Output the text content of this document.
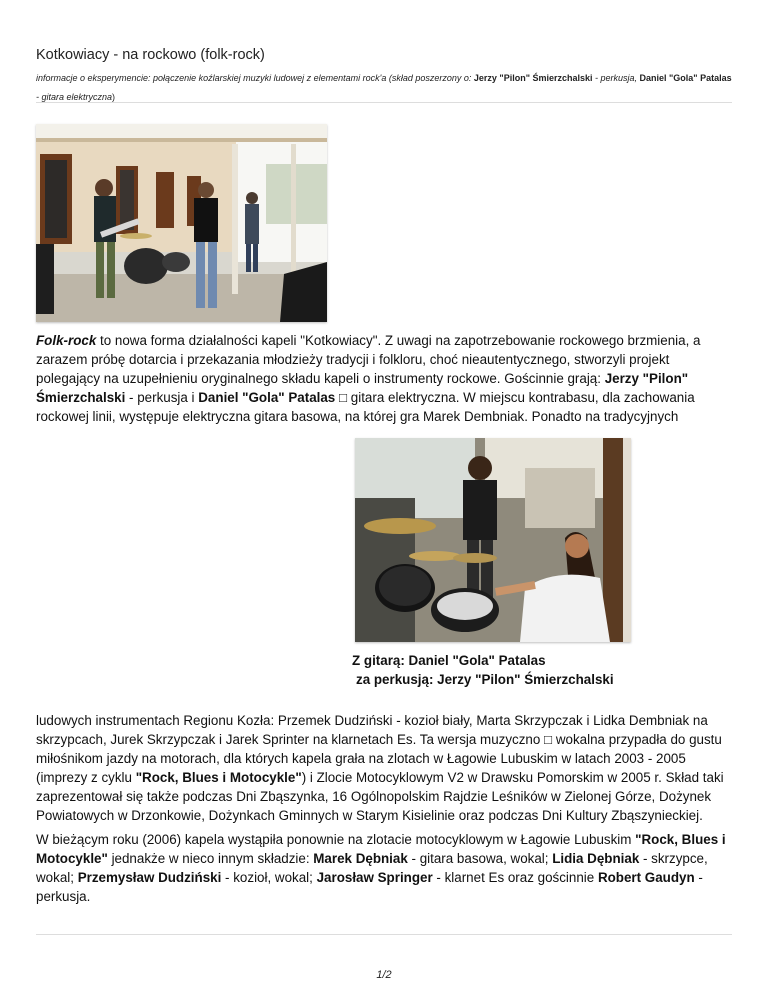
Kotkowiacy - na rockowo (folk-rock)
informacje o eksperymencie: połączenie koźlarskiej muzyki ludowej z elementami rock'a (skład poszerzony o: Jerzy "Pilon" Śmierzchalski - perkusja, Daniel "Gola" Patalas - gitara elektryczna)
Folk-rock to nowa forma działalności kapeli "Kotkowiacy". Z uwagi na zapotrzebowanie rockowego brzmienia, a zarazem próbę dotarcia i przekazania młodzieży tradycji i folkloru, choć nieautentycznego, stworzyli projekt polegający na uzupełnieniu oryginalnego składu kapeli o instrumenty rockowe. Gościnnie grają: Jerzy "Pilon" Śmierzchalski - perkusja i Daniel "Gola" Patalas □ gitara elektryczna. W miejscu kontrabasu, dla zachowania rockowej linii, występuje elektryczna gitara basowa, na której gra Marek Dembniak. Ponadto na tradycyjnych
Z gitarą: Daniel "Gola" Patalas
za perkusją: Jerzy "Pilon" Śmierzchalski
ludowych instrumentach Regionu Kozła: Przemek Dudziński - kozioł biały, Marta Skrzypczak i Lidka Dembniak na skrzypcach, Jurek Skrzypczak i Jarek Sprinter na klarnetach Es. Ta wersja muzyczno □ wokalna przypadła do gustu miłośnikom jazdy na motorach, dla których kapela grała na zlotach w Łagowie Lubuskim w latach 2003 - 2005 (imprezy z cyklu "Rock, Blues i Motocykle") i Zlocie Motocyklowym V2 w Drawsku Pomorskim w 2005 r. Skład taki zaprezentował się także podczas Dni Zbąszynka, 16 Ogólnopolskim Rajdzie Leśników w Zielonej Górze, Dożynek Powiatowych w Drzonkowie, Dożynkach Gminnych w Starym Kisielinie oraz podczas Dni Kultury Zbąszynieckiej.
W bieżącym roku (2006) kapela wystąpiła ponownie na zlotacie motocyklowym w Łagowie Lubuskim "Rock, Blues i Motocykle" jednakże w nieco innym składzie: Marek Dębniak - gitara basowa, wokal; Lidia Dębniak - skrzypce, wokal; Przemysław Dudziński - kozioł, wokal; Jarosław Springer - klarnet Es oraz gościnnie Robert Gaudyn - perkusja.
1/2
